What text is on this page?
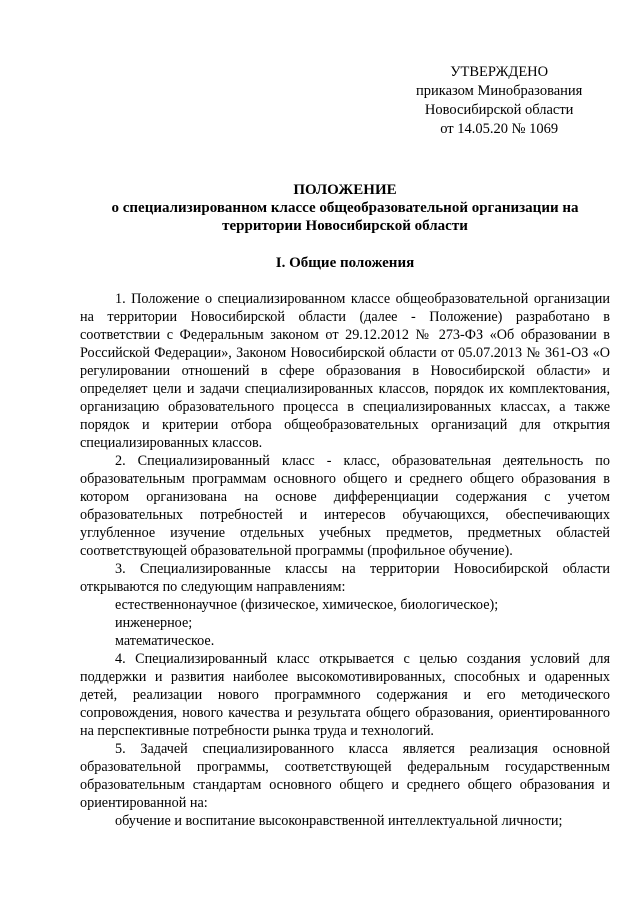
УТВЕРЖДЕНО
приказом Минобразования
Новосибирской области
от 14.05.20 № 1069
ПОЛОЖЕНИЕ
о специализированном классе общеобразовательной организации на
территории Новосибирской области
I. Общие положения

1. Положение о специализированном классе общеобразовательной организации на территории Новосибирской области (далее - Положение) разработано в соответствии с Федеральным законом от 29.12.2012 № 273-ФЗ «Об образовании в Российской Федерации», Законом Новосибирской области от 05.07.2013 № 361-ОЗ «О регулировании отношений в сфере образования в Новосибирской области» и определяет цели и задачи специализированных классов, порядок их комплектования, организацию образовательного процесса в специализированных классах, а также порядок и критерии отбора общеобразовательных организаций для открытия специализированных классов.

2. Специализированный класс - класс, образовательная деятельность по образовательным программам основного общего и среднего общего образования в котором организована на основе дифференциации содержания с учетом образовательных потребностей и интересов обучающихся, обеспечивающих углубленное изучение отдельных учебных предметов, предметных областей соответствующей образовательной программы (профильное обучение).

3. Специализированные классы на территории Новосибирской области открываются по следующим направлениям:

естественнонаучное (физическое, химическое, биологическое);

инженерное;

математическое.

4. Специализированный класс открывается с целью создания условий для поддержки и развития наиболее высокомотивированных, способных и одаренных детей, реализации нового программного содержания и его методического сопровождения, нового качества и результата общего образования, ориентированного на перспективные потребности рынка труда и технологий.

5. Задачей специализированного класса является реализация основной образовательной программы, соответствующей федеральным государственным образовательным стандартам основного общего и среднего общего образования и ориентированной на:

обучение и воспитание высоконравственной интеллектуальной личности;
